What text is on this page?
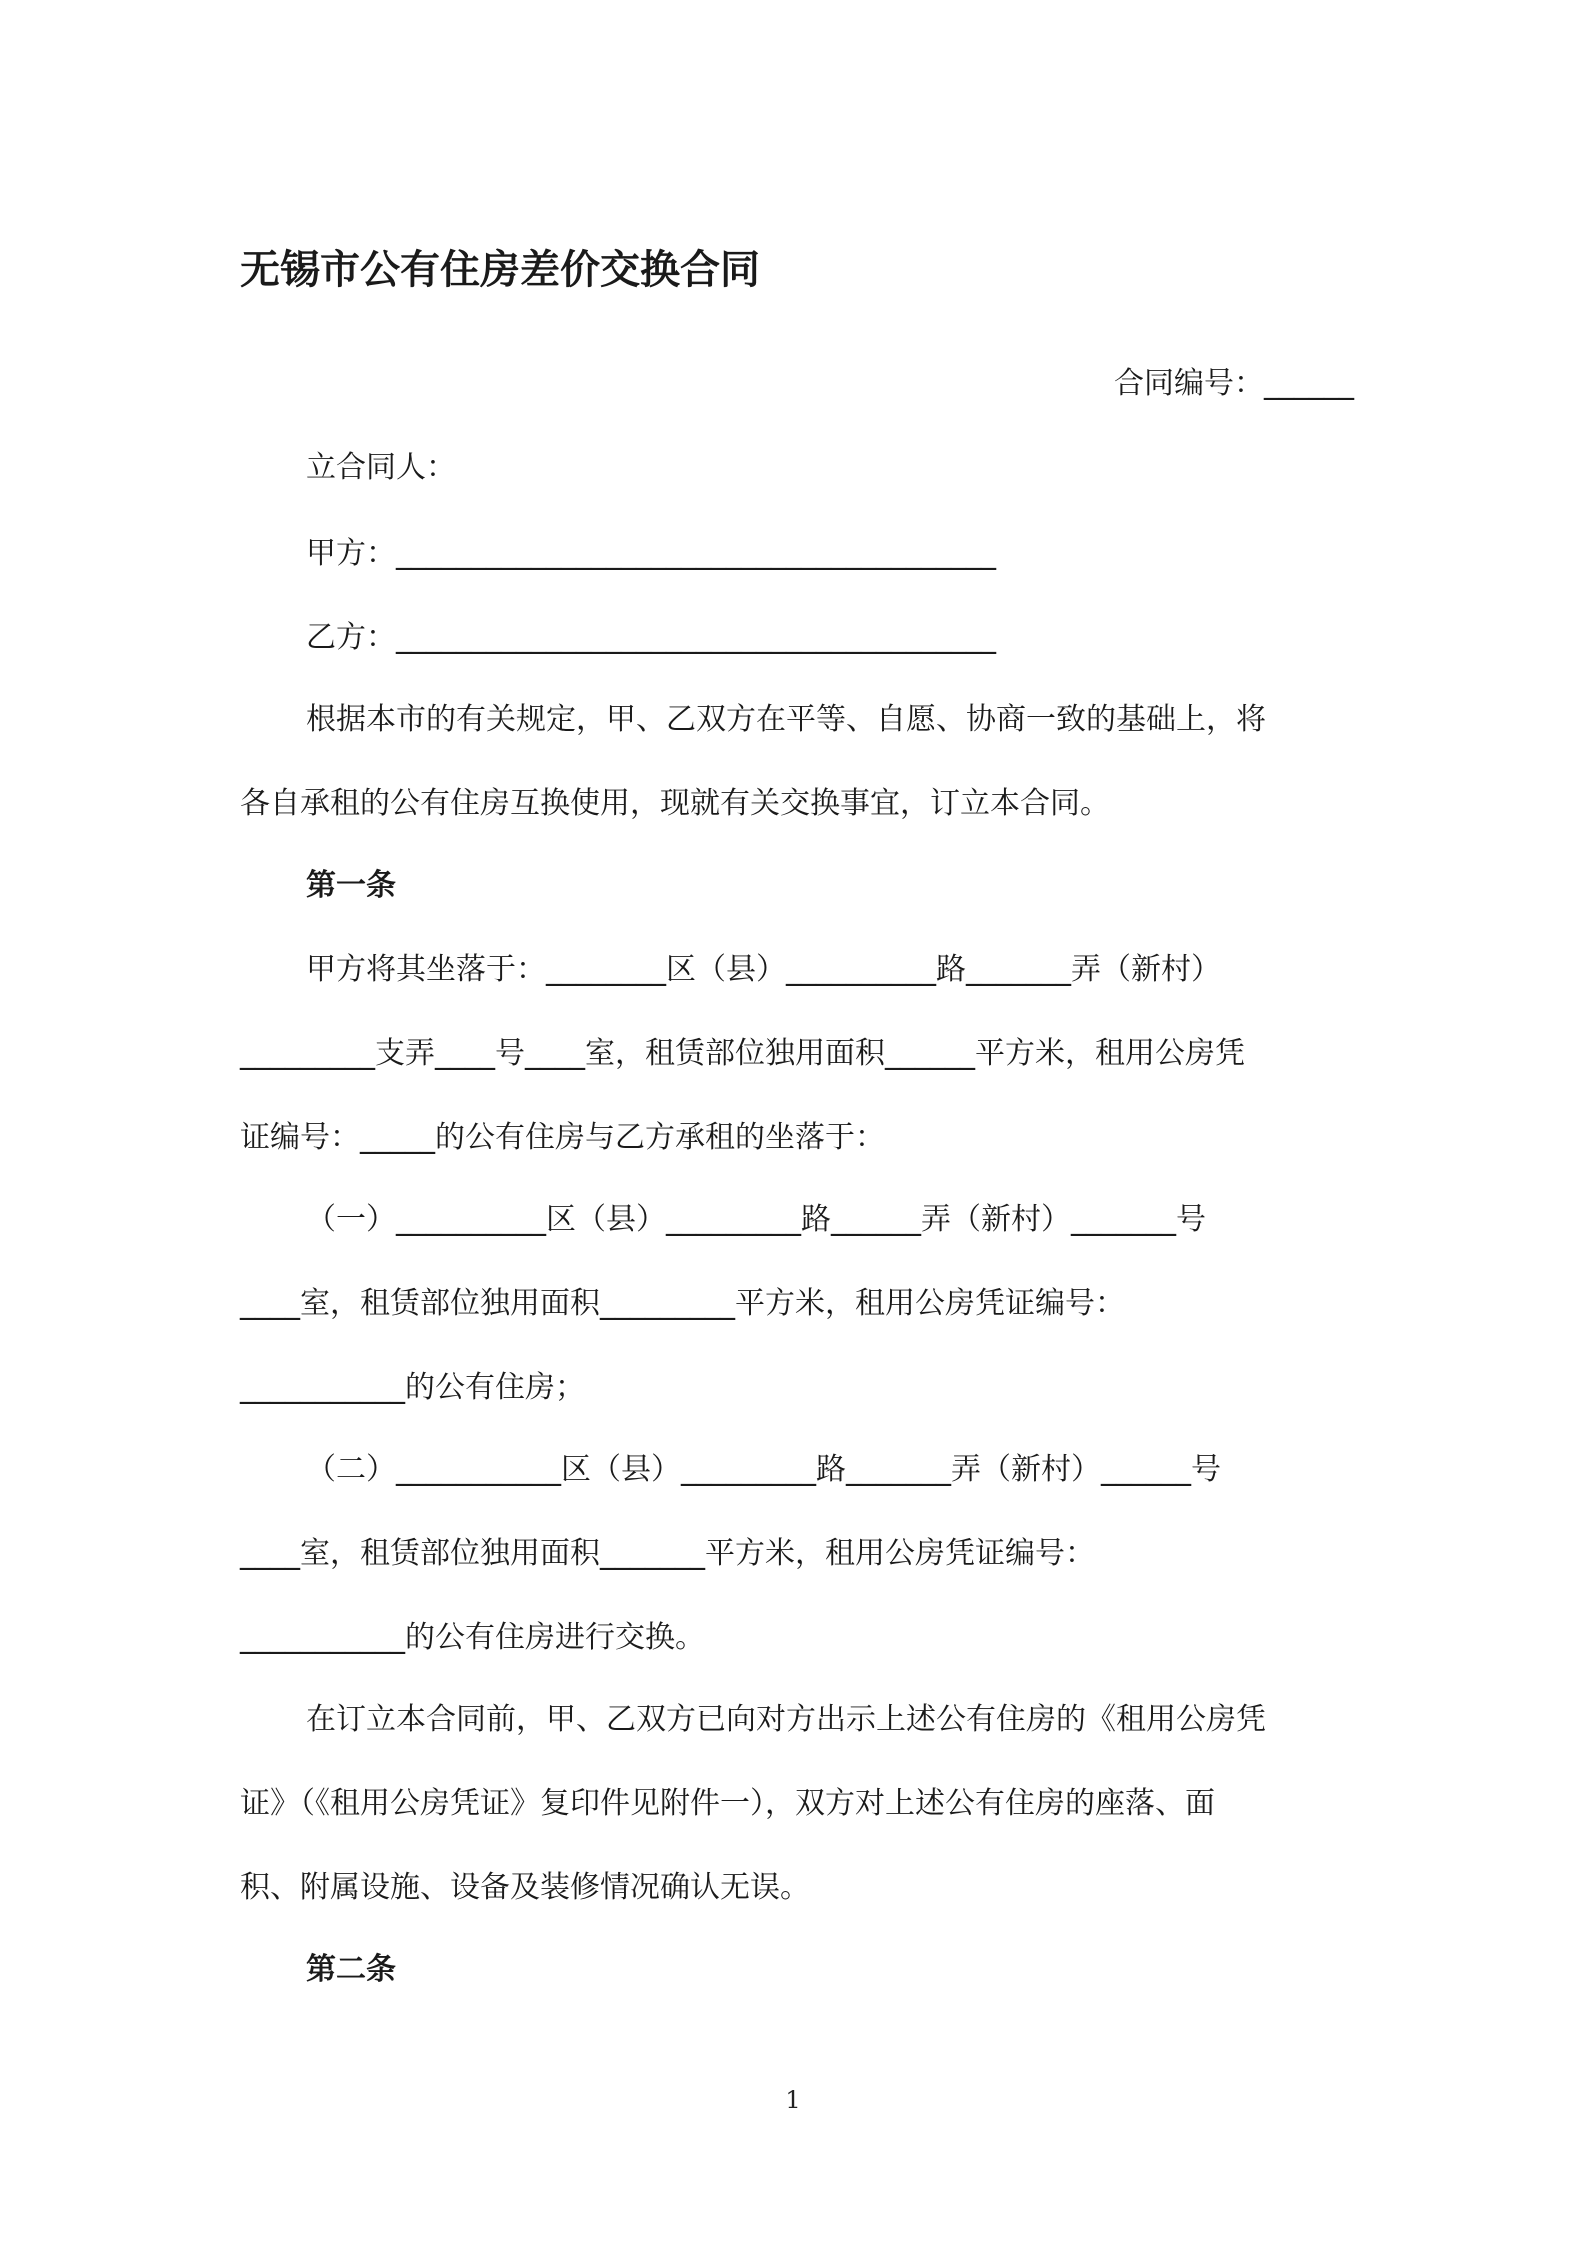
无锡市公有住房差价交换合同
合同编号：______
立合同人：
甲方：________________________________________
乙方：________________________________________
根据本市的有关规定，甲、乙双方在平等、自愿、协商一致的基础上，将
各自承租的公有住房互换使用，现就有关交换事宜，订立本合同。
第一条
甲方将其坐落于：________区（县）__________路_______弄（新村）
_________支弄____号____室，租赁部位独用面积______平方米，租用公房凭
证编号：_____的公有住房与乙方承租的坐落于：
（一）__________区（县）_________路______弄（新村）_______号
____室，租赁部位独用面积_________平方米，租用公房凭证编号：
___________的公有住房；
（二）___________区（县）_________路_______弄（新村）______号
____室，租赁部位独用面积_______平方米，租用公房凭证编号：
___________的公有住房进行交换。
在订立本合同前，甲、乙双方已向对方出示上述公有住房的《租用公房凭
证》（《租用公房凭证》复印件见附件一），双方对上述公有住房的座落、面
积、附属设施、设备及装修情况确认无误。
第二条
1
